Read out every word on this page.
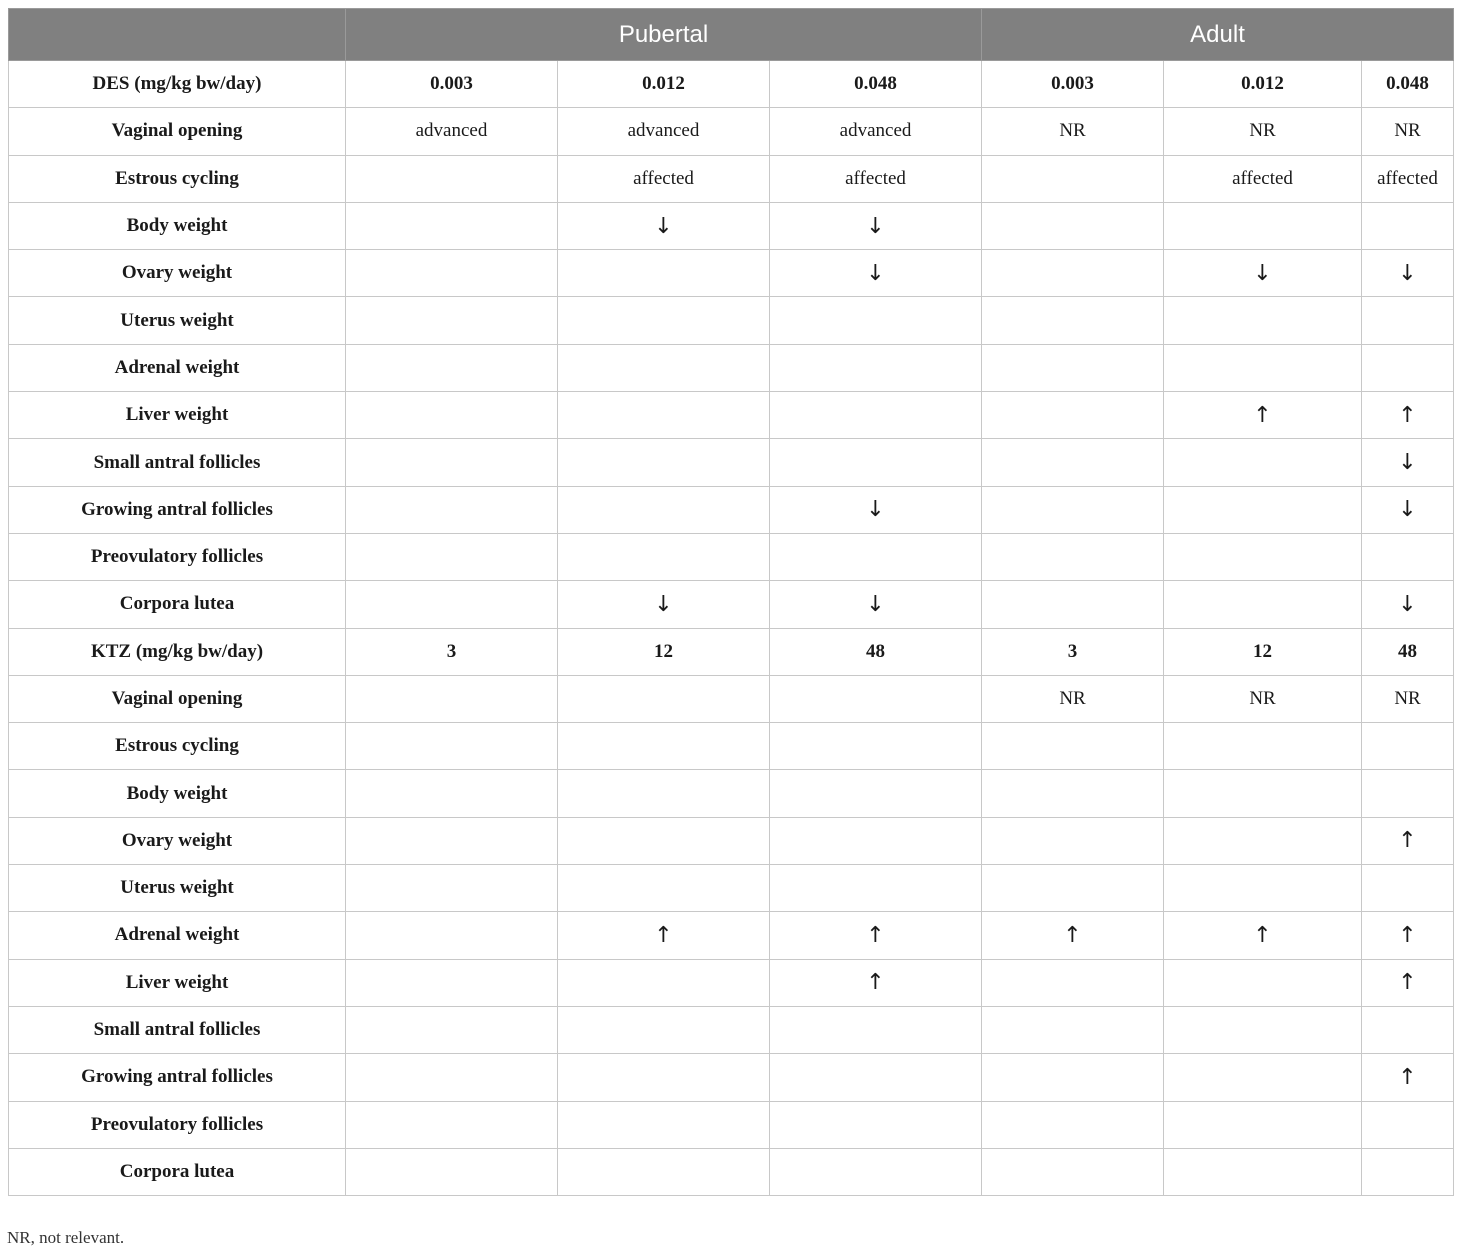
	Pubertal			Adult		
DES (mg/kg bw/day)	0.003	0.012	0.048	0.003	0.012	0.048
Vaginal opening	advanced	advanced	advanced	NR	NR	NR
Estrous cycling		affected	affected		affected	affected
Body weight		↓	↓			
Ovary weight			↓		↓	↓
Uterus weight						
Adrenal weight						
Liver weight					↑	↑
Small antral follicles						↓
Growing antral follicles			↓			↓
Preovulatory follicles						
Corpora lutea		↓	↓			↓
KTZ (mg/kg bw/day)	3	12	48	3	12	48
Vaginal opening				NR	NR	NR
Estrous cycling						
Body weight						
Ovary weight						↑
Uterus weight						
Adrenal weight		↑	↑	↑	↑	↑
Liver weight			↑			↑
Small antral follicles						
Growing antral follicles						↑
Preovulatory follicles						
Corpora lutea						
NR, not relevant.
